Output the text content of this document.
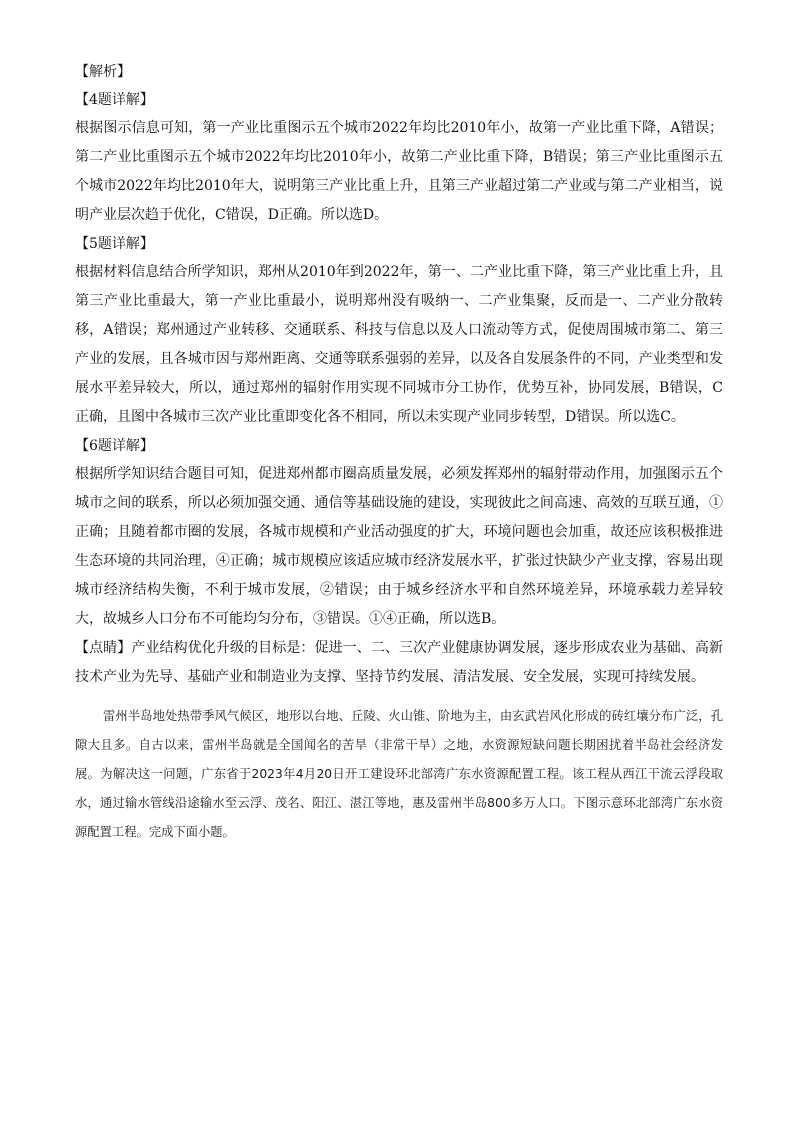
【解析】

【4题详解】

根据图示信息可知，第一产业比重图示五个城市2022年均比2010年小，故第一产业比重下降，A错误；第二产业比重图示五个城市2022年均比2010年小，故第二产业比重下降，B错误；第三产业比重图示五个城市2022年均比2010年大，说明第三产业比重上升，且第三产业超过第二产业或与第二产业相当，说明产业层次趋于优化，C错误，D正确。所以选D。

【5题详解】

根据材料信息结合所学知识，郑州从2010年到2022年，第一、二产业比重下降，第三产业比重上升，且第三产业比重最大，第一产业比重最小，说明郑州没有吸纳一、二产业集聚，反而是一、二产业分散转移，A错误；郑州通过产业转移、交通联系、科技与信息以及人口流动等方式，促使周围城市第二、第三产业的发展，且各城市因与郑州距离、交通等联系强弱的差异，以及各自发展条件的不同，产业类型和发展水平差异较大，所以，通过郑州的辐射作用实现不同城市分工协作，优势互补，协同发展，B错误，C正确，且图中各城市三次产业比重即变化各不相同，所以未实现产业同步转型，D错误。所以选C。

【6题详解】

根据所学知识结合题目可知，促进郑州都市圈高质量发展，必须发挥郑州的辐射带动作用，加强图示五个城市之间的联系，所以必须加强交通、通信等基础设施的建设，实现彼此之间高速、高效的互联互通，①正确；且随着都市圈的发展，各城市规模和产业活动强度的扩大，环境问题也会加重，故还应该积极推进生态环境的共同治理，④正确；城市规模应该适应城市经济发展水平，扩张过快缺少产业支撑，容易出现城市经济结构失衡，不利于城市发展，②错误；由于城乡经济水平和自然环境差异，环境承载力差异较大，故城乡人口分布不可能均匀分布，③错误。①④正确，所以选B。

【点睛】产业结构优化升级的目标是：促进一、二、三次产业健康协调发展，逐步形成农业为基础、高新技术产业为先导、基础产业和制造业为支撑、坚持节约发展、清洁发展、安全发展，实现可持续发展。

雷州半岛地处热带季风气候区，地形以台地、丘陵、火山锥、阶地为主，由玄武岩风化形成的砖红壤分布广泛，孔隙大且多。自古以来，雷州半岛就是全国闻名的苦旱（非常干旱）之地，水资源短缺问题长期困扰着半岛社会经济发展。为解决这一问题，广东省于2023年4月20日开工建设环北部湾广东水资源配置工程。该工程从西江干流云浮段取水，通过输水管线沿途输水至云浮、茂名、阳江、湛江等地，惠及雷州半岛800多万人口。下图示意环北部湾广东水资源配置工程。完成下面小题。
